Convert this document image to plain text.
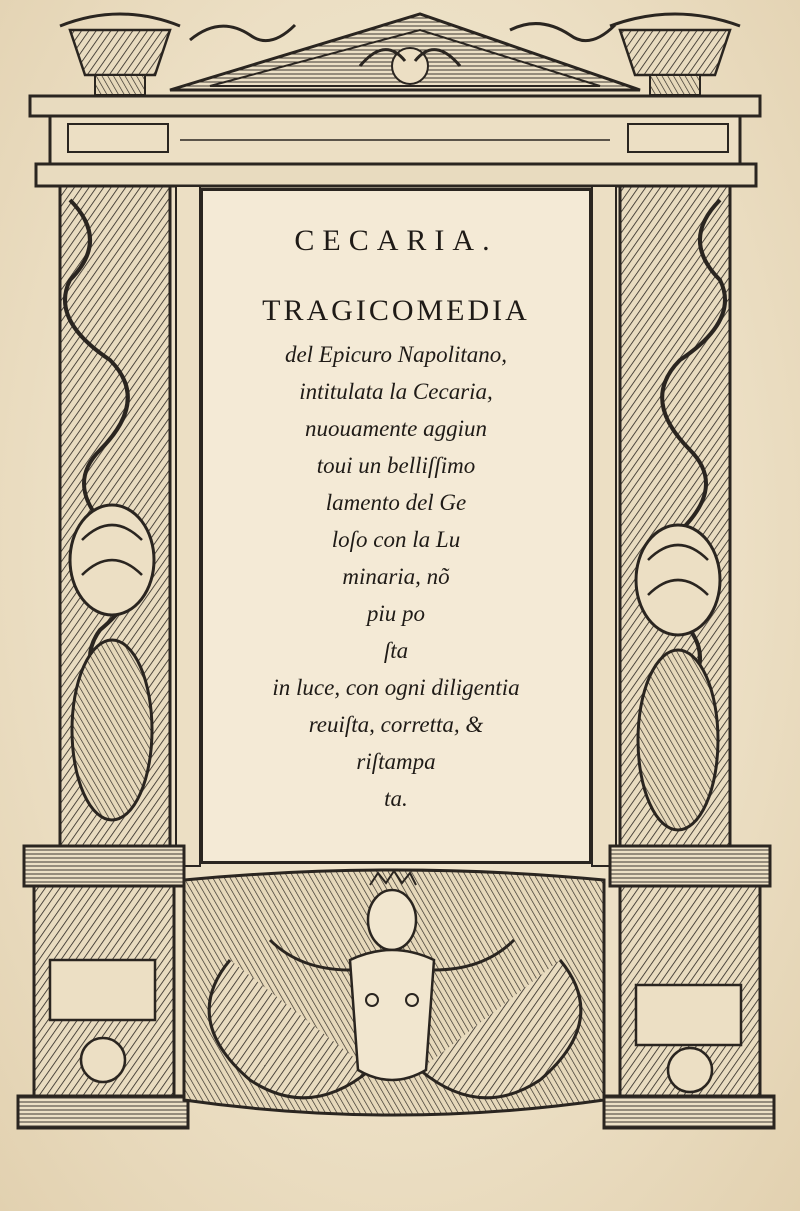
CECARIA.
TRAGICOMEDIA
del Epicuro Napolitano,
intitulata la Cecaria,
nuouamente aggiun
toui un belliſſimo
lamento del Ge
loſo con la Lu
minaria, nõ
piu po
ſta
in luce, con ogni diligentia
reuiſta, corretta, &
riſtampa
ta.
